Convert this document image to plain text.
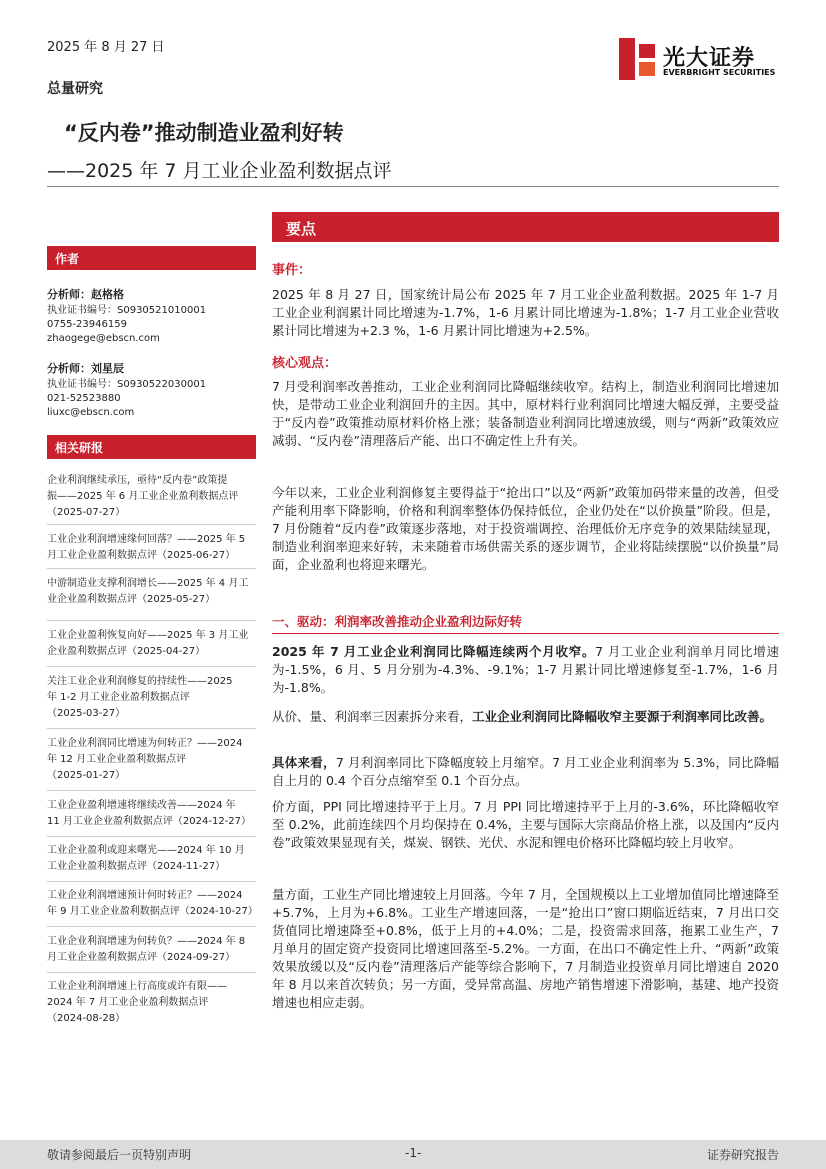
2025 年 8 月 27 日	光大证券
EVERBRIGHT SECURITIES
总量研究
“反内卷”推动制造业盈利好转
——2025 年 7 月工业企业盈利数据点评
要点
作者
分析师：赵格格
执业证书编号：S0930521010001
0755-23946159
zhaogege@ebscn.com
分析师：刘星辰
执业证书编号：S0930522030001
021-52523880
liuxc@ebscn.com
相关研报
企业利润继续承压，亟待“反内卷”政策提
振——2025 年 6 月工业企业盈利数据点评
（2025-07-27）
工业企业利润增速缘何回落？——2025 年 5
月工业企业盈利数据点评（2025-06-27）
中游制造业支撑利润增长——2025 年 4 月工
业企业盈利数据点评（2025-05-27）
工业企业盈利恢复向好——2025 年 3 月工业
企业盈利数据点评（2025-04-27）
关注工业企业利润修复的持续性——2025
年 1-2 月工业企业盈利数据点评
（2025-03-27）
工业企业利润同比增速为何转正？——2024
年 12 月工业企业盈利数据点评
（2025-01-27）
工业企业盈利增速将继续改善——2024 年
11 月工业企业盈利数据点评（2024-12-27）
工业企业盈利或迎来曙光——2024 年 10 月
工业企业盈利数据点评（2024-11-27）
工业企业利润增速预计何时转正？——2024
年 9 月工业企业盈利数据点评（2024-10-27）
工业企业利润增速为何转负？——2024 年 8
月工业企业盈利数据点评（2024-09-27）
工业企业利润增速上行高度或许有限——
2024 年 7 月工业企业盈利数据点评
（2024-08-28）
事件：
2025 年 8 月 27 日，国家统计局公布 2025 年 7 月工业企业盈利数据。2025 年 1-7 月工业企业利润累计同比增速为-1.7%，1-6 月累计同比增速为-1.8%；1-7 月工业企业营收累计同比增速为+2.3 %，1-6 月累计同比增速为+2.5%。
核心观点：
7 月受利润率改善推动，工业企业利润同比降幅继续收窄。结构上，制造业利润同比增速加快，是带动工业企业利润回升的主因。其中，原材料行业利润同比增速大幅反弹，主要受益于“反内卷”政策推动原材料价格上涨；装备制造业利润同比增速放缓，则与“两新”政策效应减弱、“反内卷”清理落后产能、出口不确定性上升有关。
今年以来，工业企业利润修复主要得益于“抢出口”以及“两新”政策加码带来量的改善，但受产能利用率下降影响，价格和利润率整体仍保持低位，企业仍处在“以价换量”阶段。但是，7 月份随着“反内卷”政策逐步落地，对于投资端调控、治理低价无序竞争的效果陆续显现，制造业利润率迎来好转，未来随着市场供需关系的逐步调节，企业将陆续摆脱“以价换量”局面，企业盈利也将迎来曙光。
一、驱动：利润率改善推动企业盈利边际好转
2025 年 7 月工业企业利润同比降幅连续两个月收窄。7 月工业企业利润单月同比增速为-1.5%，6 月、5 月分别为-4.3%、-9.1%；1-7 月累计同比增速修复至-1.7%，1-6 月为-1.8%。
从价、量、利润率三因素拆分来看，工业企业利润同比降幅收窄主要源于利润率同比改善。
具体来看，7 月利润率同比下降幅度较上月缩窄。7 月工业企业利润率为 5.3%，同比降幅自上月的 0.4 个百分点缩窄至 0.1 个百分点。
价方面，PPI 同比增速持平于上月。7 月 PPI 同比增速持平于上月的-3.6%，环比降幅收窄至 0.2%，此前连续四个月均保持在 0.4%，主要与国际大宗商品价格上涨，以及国内“反内卷”政策效果显现有关，煤炭、钢铁、光伏、水泥和锂电价格环比降幅均较上月收窄。
量方面，工业生产同比增速较上月回落。今年 7 月，全国规模以上工业增加值同比增速降至+5.7%，上月为+6.8%。工业生产增速回落，一是“抢出口”窗口期临近结束，7 月出口交货值同比增速降至+0.8%，低于上月的+4.0%；二是，投资需求回落，拖累工业生产，7 月单月的固定资产投资同比增速回落至-5.2%。一方面，在出口不确定性上升、“两新”政策效果放缓以及“反内卷”清理落后产能等综合影响下，7 月制造业投资单月同比增速自 2020 年 8 月以来首次转负；另一方面，受异常高温、房地产销售增速下滑影响，基建、地产投资增速也相应走弱。
敬请参阅最后一页特别声明	-1-	证券研究报告
